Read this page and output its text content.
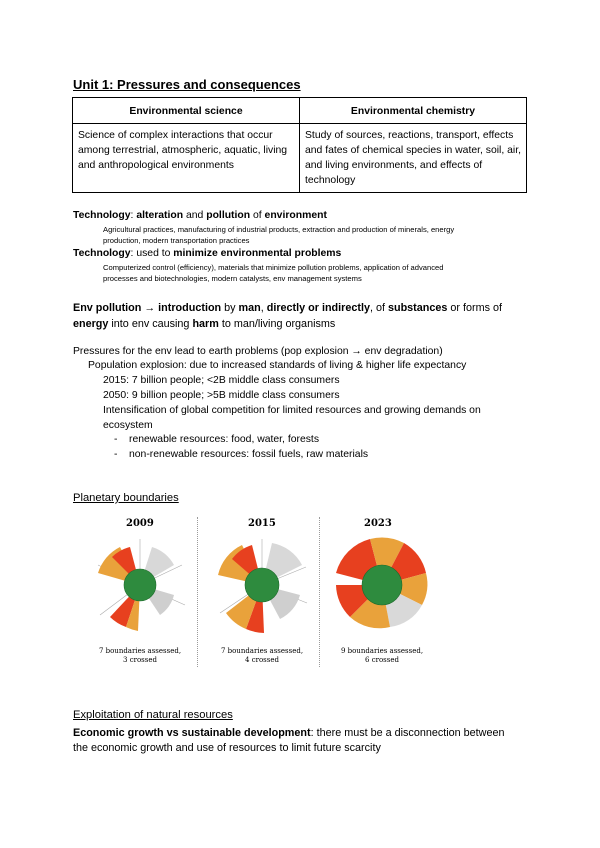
Unit 1: Pressures and consequences
Environmental science	Environmental chemistry
Science of complex interactions that occur among terrestrial, atmospheric, aquatic, living and anthropological environments	Study of sources, reactions, transport, effects and fates of chemical species in water, soil, air, and living environments, and effects of technology
Technology: alteration and pollution of environment
Agricultural practices, manufacturing of industrial products, extraction and production of minerals, energy
production, modern transportation practices
Technology: used to minimize environmental problems
Computerized control (efficiency), materials that minimize pollution problems, application of advanced
processes and biotechnologies, modern catalysts, env management systems
Env pollution → introduction by man, directly or indirectly, of substances or forms of
energy into env causing harm to man/living organisms
Pressures for the env lead to earth problems (pop explosion → env degradation)
Population explosion: due to increased standards of living & higher life expectancy
2015: 7 billion people; <2B middle class consumers
2050: 9 billion people; >5B middle class consumers
Intensification of global competition for limited resources and growing demands on
ecosystem
- renewable resources: food, water, forests
- non-renewable resources: fossil fuels, raw materials
Planetary boundaries
2009
7 boundaries assessed,
3 crossed
2015
7 boundaries assessed,
4 crossed
2023
9 boundaries assessed,
6 crossed
Exploitation of natural resources
Economic growth vs sustainable development: there must be a disconnection between
the economic growth and use of resources to limit future scarcity
